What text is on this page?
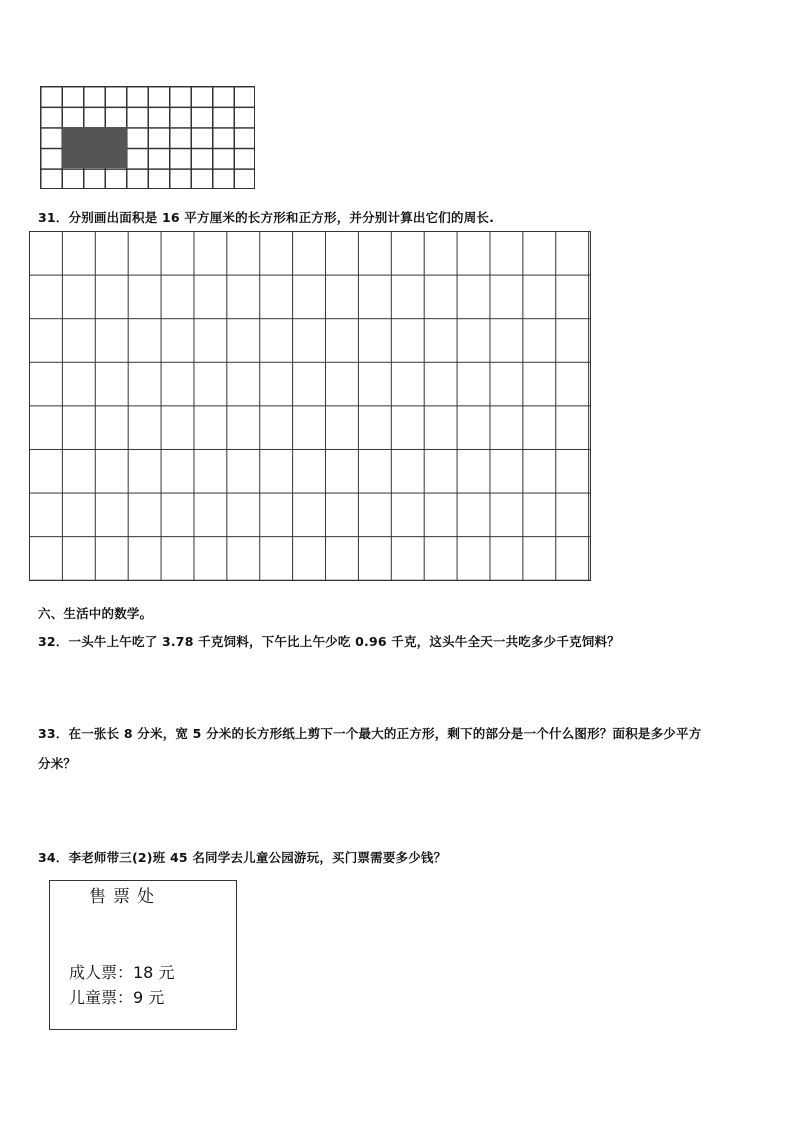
31．分别画出面积是 16 平方厘米的长方形和正方形，并分别计算出它们的周长.
六、生活中的数学。
32．一头牛上午吃了 3.78 千克饲料，下午比上午少吃 0.96 千克，这头牛全天一共吃多少千克饲料？
33．在一张长 8 分米，宽 5 分米的长方形纸上剪下一个最大的正方形，剩下的部分是一个什么图形？面积是多少平方
分米？
34．李老师带三(2)班 45 名同学去儿童公园游玩，买门票需要多少钱？
售票处
成人票：18 元
儿童票：9 元
